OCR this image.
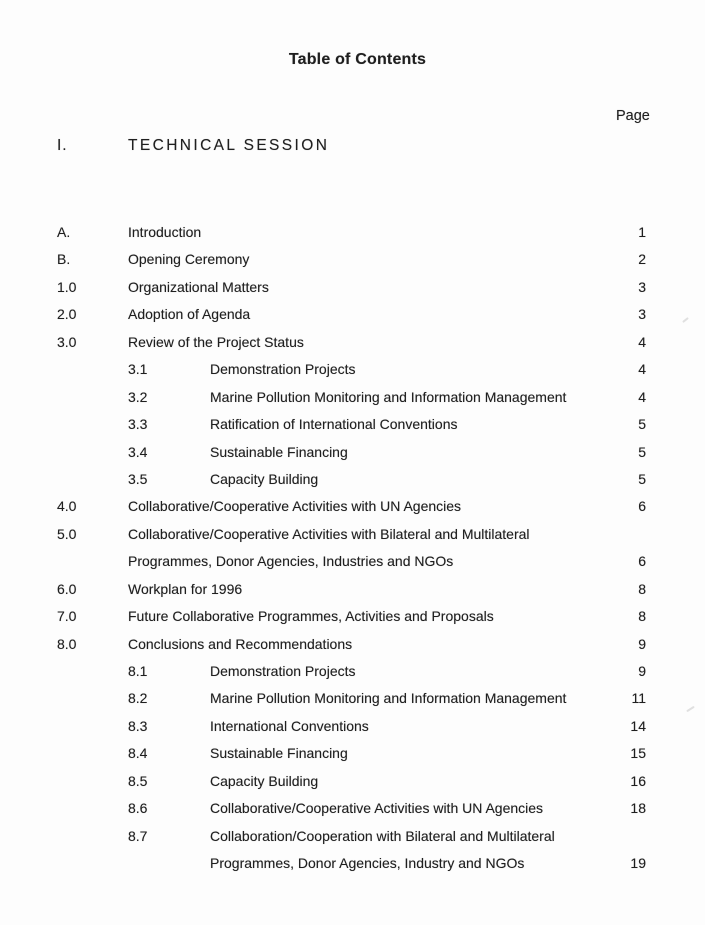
Table of Contents
Page
I.	TECHNICAL SESSION
A.	Introduction	1
B.	Opening Ceremony	2
1.0	Organizational Matters	3
2.0	Adoption of Agenda	3
3.0	Review of the Project Status	4
3.1	Demonstration Projects	4
3.2	Marine Pollution Monitoring and Information Management	4
3.3	Ratification of International Conventions	5
3.4	Sustainable Financing	5
3.5	Capacity Building	5
4.0	Collaborative/Cooperative Activities with UN Agencies	6
5.0	Collaborative/Cooperative Activities with Bilateral and Multilateral
Programmes, Donor Agencies, Industries and NGOs	6
6.0	Workplan for 1996	8
7.0	Future Collaborative Programmes, Activities and Proposals	8
8.0	Conclusions and Recommendations	9
8.1	Demonstration Projects	9
8.2	Marine Pollution Monitoring and Information Management	11
8.3	International Conventions	14
8.4	Sustainable Financing	15
8.5	Capacity Building	16
8.6	Collaborative/Cooperative Activities with UN Agencies	18
8.7	Collaboration/Cooperation with Bilateral and Multilateral
Programmes, Donor Agencies, Industry and NGOs	19
